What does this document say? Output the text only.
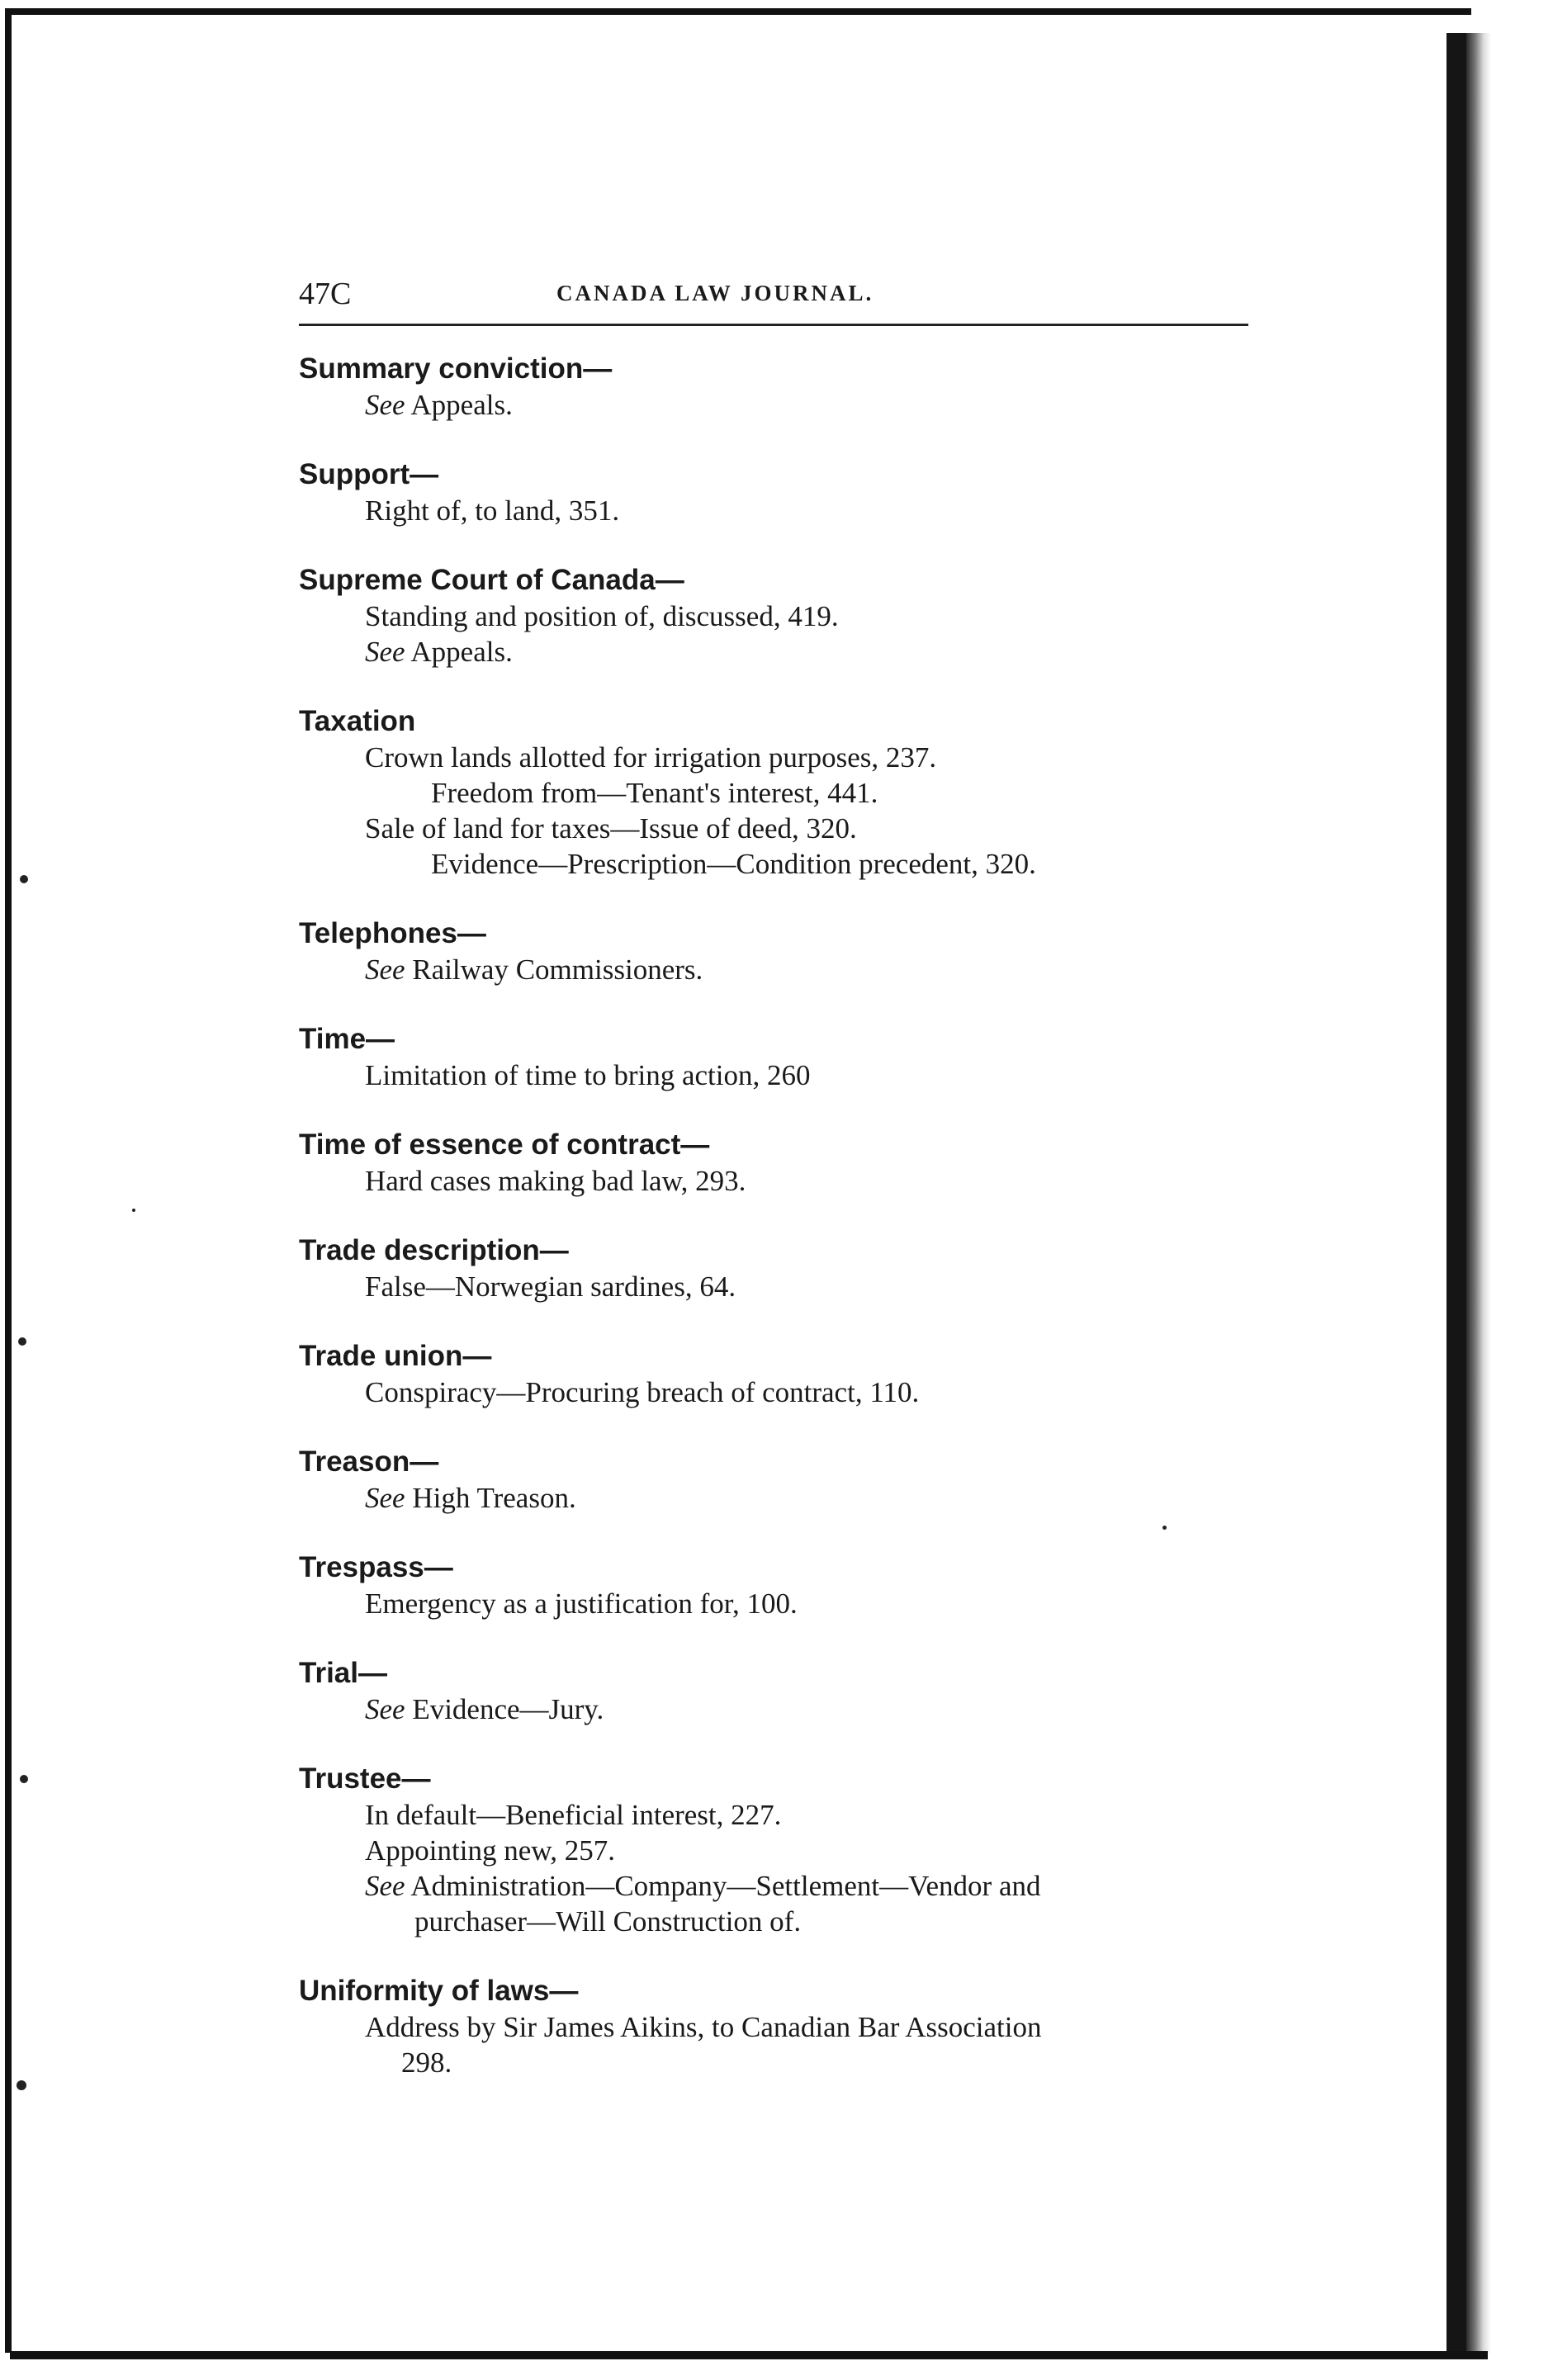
47C	CANADA LAW JOURNAL.
Summary conviction—
See Appeals.
Support—
Right of, to land, 351.
Supreme Court of Canada—
Standing and position of, discussed, 419.
See Appeals.
Taxation
Crown lands allotted for irrigation purposes, 237.
Freedom from—Tenant's interest, 441.
Sale of land for taxes—Issue of deed, 320.
Evidence—Prescription—Condition precedent, 320.
Telephones—
See Railway Commissioners.
Time—
Limitation of time to bring action, 260
Time of essence of contract—
Hard cases making bad law, 293.
Trade description—
False—Norwegian sardines, 64.
Trade union—
Conspiracy—Procuring breach of contract, 110.
Treason—
See High Treason.
Trespass—
Emergency as a justification for, 100.
Trial—
See Evidence—Jury.
Trustee—
In default—Beneficial interest, 227.
Appointing new, 257.
See Administration—Company—Settlement—Vendor and
purchaser—Will Construction of.
Uniformity of laws—
Address by Sir James Aikins, to Canadian Bar Association
298.
